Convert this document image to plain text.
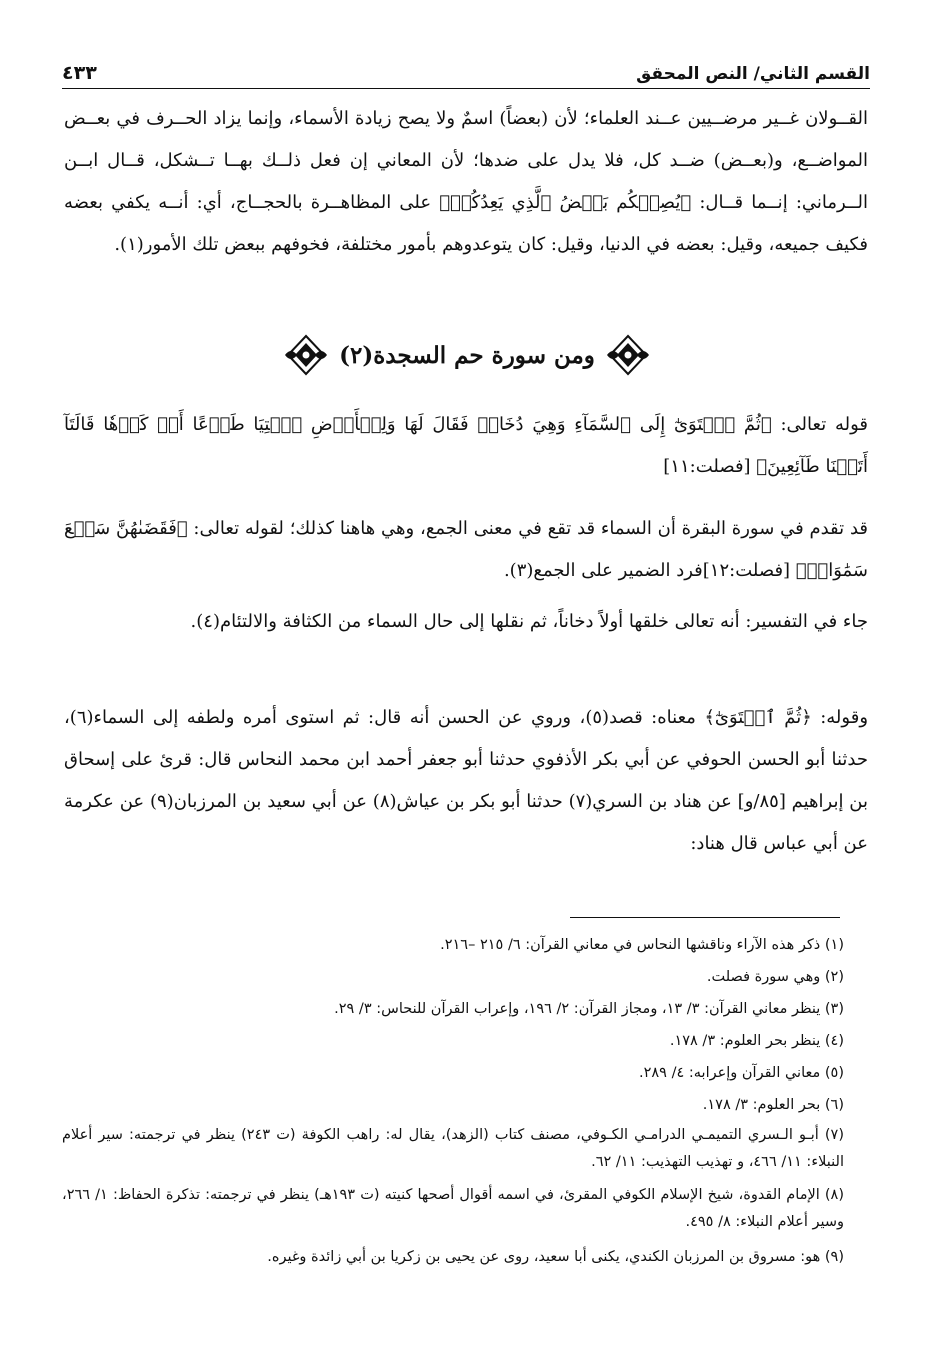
٤٣٣	القسم الثاني/ النص المحقق

القــولان غــير مرضــيين عــند العلماء؛ لأن (بعضاً) اسمٌ ولا يصح زيادة الأسماء، وإنما يزاد الحــرف في بعــض المواضــع، و(بعــض) ضــد كل، فلا يدل على ضدها؛ لأن المعاني إن فعل ذلــك بهــا تــشكل، قــال ابــن الــرماني: إنــما قــال: ﴿يُصِبۡكُم بَعۡضُ ٱلَّذِي يَعِدُكُمۡ﴾ على المظاهــرة بالحجــاج، أي: أنــه يكفي بعضه فكيف جميعه، وقيل: بعضه في الدنيا، وقيل: كان يتوعدوهم بأمور مختلفة، فخوفهم ببعض تلك الأمور(١).

ومن سورة حم السجدة(٢)

قوله تعالى: ﴿ثُمَّ ٱسۡتَوَىٰٓ إِلَى ٱلسَّمَآءِ وَهِيَ دُخَانٞ فَقَالَ لَهَا وَلِلۡأَرۡضِ ٱئۡتِيَا طَوۡعًا أَوۡ كَرۡهٗا قَالَتَآ أَتَيۡنَا طَآئِعِينَ﴾ [فصلت:١١]

قد تقدم في سورة البقرة أن السماء قد تقع في معنى الجمع، وهي هاهنا كذلك؛ لقوله تعالى: ﴿فَقَضَىٰهُنَّ سَبۡعَ سَمَٰوَاتٖ﴾ [فصلت:١٢]فرد الضمير على الجمع(٣).

جاء في التفسير: أنه تعالى خلقها أولاً دخاناً، ثم نقلها إلى حال السماء من الكثافة والالتئام(٤).

وقوله: ﴿ثُمَّ ٱسۡتَوَىٰٓ﴾ معناه: قصد(٥)، وروي عن الحسن أنه قال: ثم استوى أمره ولطفه إلى السماء(٦)، حدثنا أبو الحسن الحوفي عن أبي بكر الأذفوي حدثنا أبو جعفر أحمد ابن محمد النحاس قال: قرئ على إسحاق بن إبراهيم [٨٥/و] عن هناد بن السري(٧) حدثنا أبو بكر بن عياش(٨) عن أبي سعيد بن المرزبان(٩) عن عكرمة عن أبي عباس قال هناد:

(١) ذكر هذه الآراء وناقشها النحاس في معاني القرآن: ٦/ ٢١٥ –٢١٦.
(٢) وهي سورة فصلت.
(٣) ينظر معاني القرآن: ٣/ ١٣، ومجاز القرآن: ٢/ ١٩٦، وإعراب القرآن للنحاس: ٣/ ٢٩.
(٤) ينظر بحر العلوم: ٣/ ١٧٨.
(٥) معاني القرآن وإعرابه: ٤/ ٢٨٩.
(٦) بحر العلوم: ٣/ ١٧٨.
(٧) أبـو الـسري التميمـي الدرامـي الكـوفي، مصنف كتاب (الزهد)، يقال له: راهب الكوفة (ت ٢٤٣) ينظر في ترجمته: سير أعلام النبلاء: ١١/ ٤٦٦، و تهذيب التهذيب: ١١/ ٦٢.
(٨) الإمام القدوة، شيخ الإسلام الكوفي المقرئ، في اسمه أقوال أصحها كنيته (ت ١٩٣هـ) ينظر في ترجمته: تذكرة الحفاظ: ١/ ٢٦٦، وسير أعلام النبلاء: ٨/ ٤٩٥.
(٩) هو: مسروق بن المرزبان الكندي، يكنى أبا سعيد، روى عن يحيى بن زكريا بن أبي زائدة وغيره.
